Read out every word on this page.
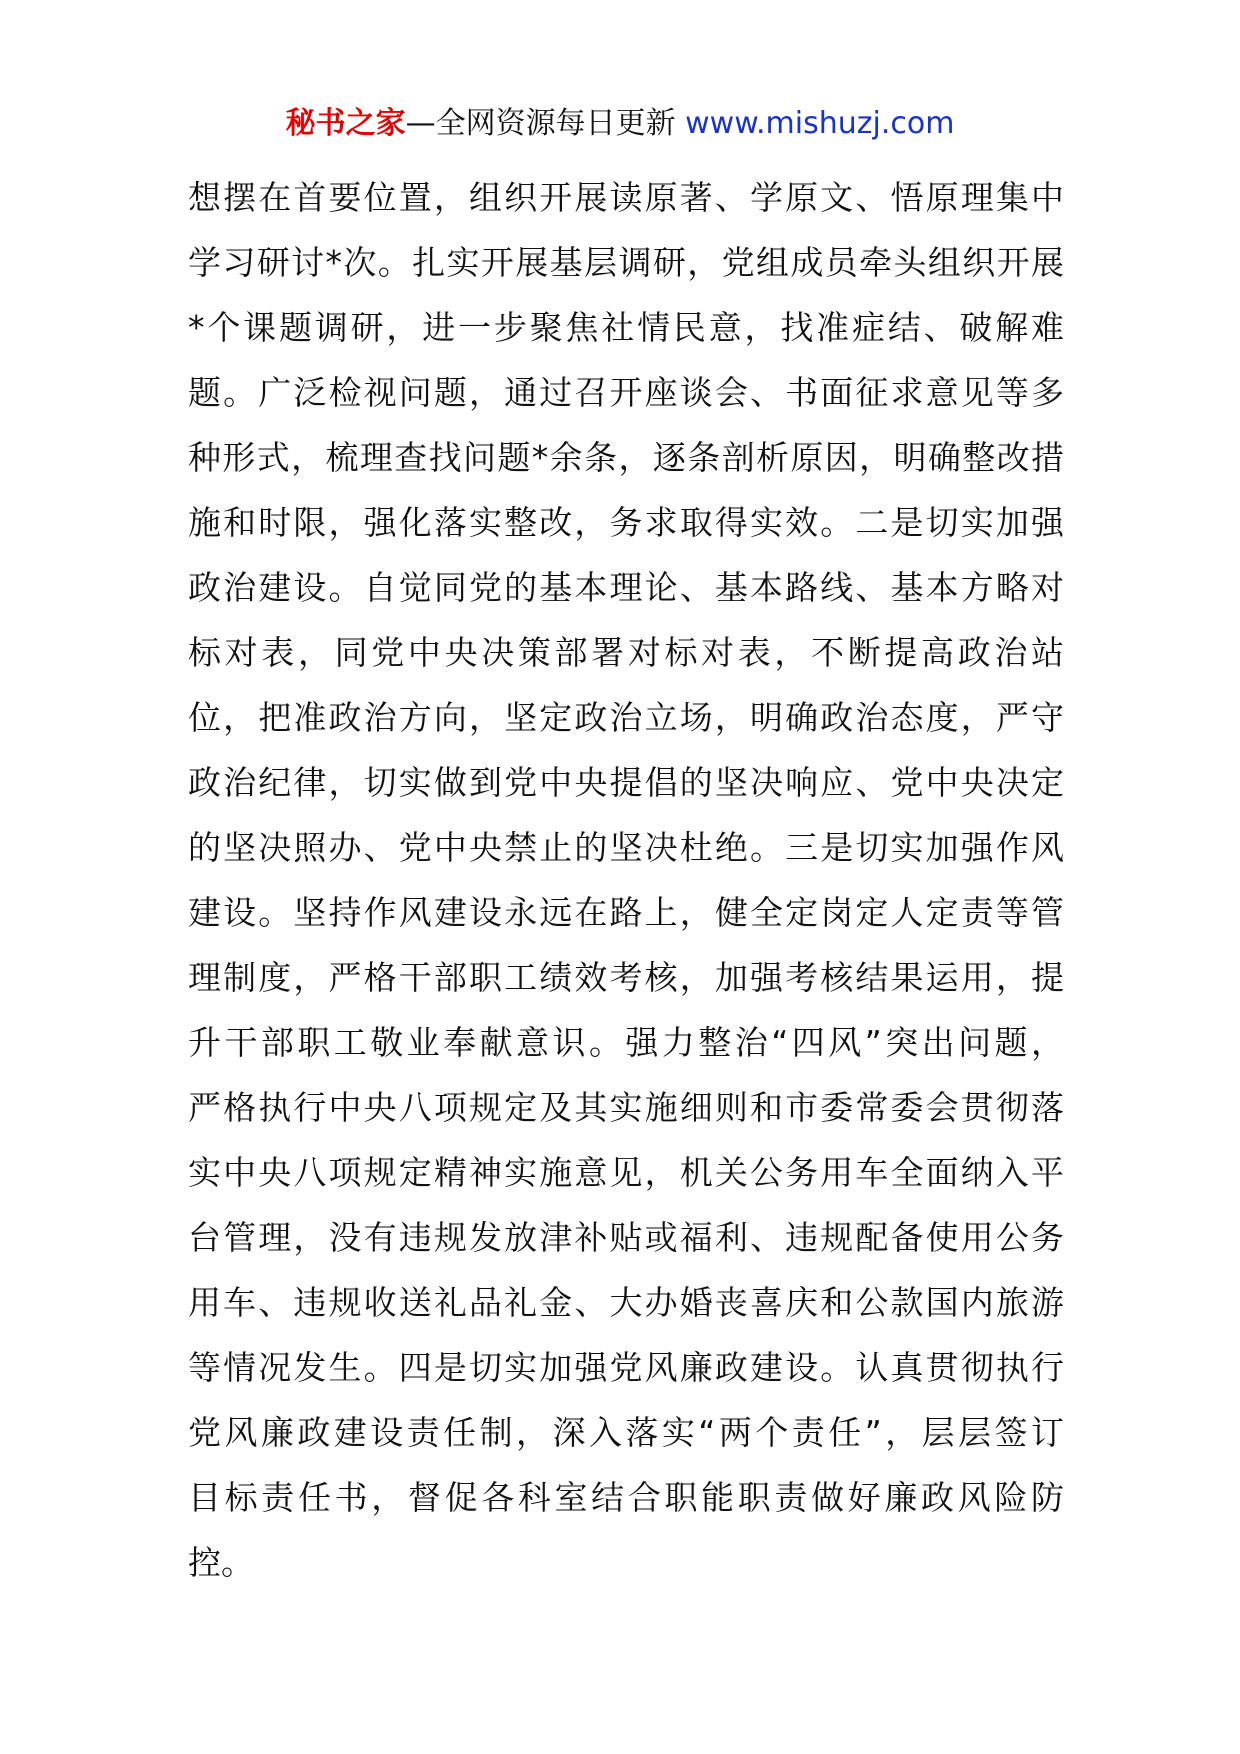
秘书之家—全网资源每日更新 www.mishuzj.com
想摆在首要位置，组织开展读原著、学原文、悟原理集中
学习研讨*次。扎实开展基层调研，党组成员牵头组织开展
*个课题调研，进一步聚焦社情民意，找准症结、破解难
题。广泛检视问题，通过召开座谈会、书面征求意见等多
种形式，梳理查找问题*余条，逐条剖析原因，明确整改措
施和时限，强化落实整改，务求取得实效。二是切实加强
政治建设。自觉同党的基本理论、基本路线、基本方略对
标对表，同党中央决策部署对标对表，不断提高政治站
位，把准政治方向，坚定政治立场，明确政治态度，严守
政治纪律，切实做到党中央提倡的坚决响应、党中央决定
的坚决照办、党中央禁止的坚决杜绝。三是切实加强作风
建设。坚持作风建设永远在路上，健全定岗定人定责等管
理制度，严格干部职工绩效考核，加强考核结果运用，提
升干部职工敬业奉献意识。强力整治“四风”突出问题，
严格执行中央八项规定及其实施细则和市委常委会贯彻落
实中央八项规定精神实施意见，机关公务用车全面纳入平
台管理，没有违规发放津补贴或福利、违规配备使用公务
用车、违规收送礼品礼金、大办婚丧喜庆和公款国内旅游
等情况发生。四是切实加强党风廉政建设。认真贯彻执行
党风廉政建设责任制，深入落实“两个责任”，层层签订
目标责任书，督促各科室结合职能职责做好廉政风险防
控。
